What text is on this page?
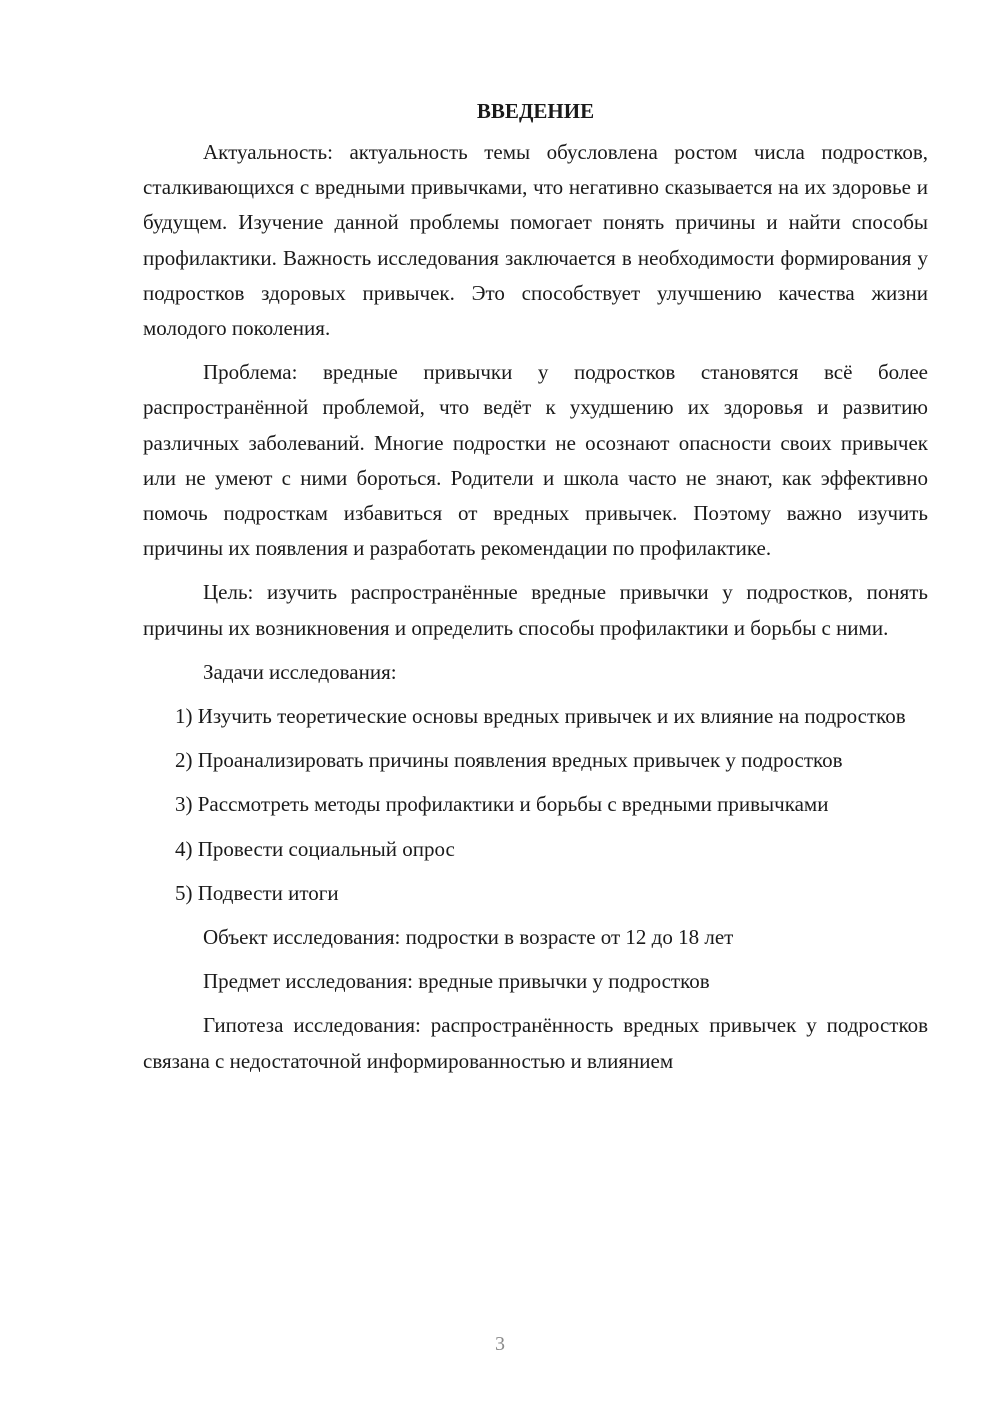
ВВЕДЕНИЕ

Актуальность: актуальность темы обусловлена ростом числа подростков, сталкивающихся с вредными привычками, что негативно сказывается на их здоровье и будущем. Изучение данной проблемы помогает понять причины и найти способы профилактики. Важность исследования заключается в необходимости формирования у подростков здоровых привычек. Это способствует улучшению качества жизни молодого поколения.

Проблема: вредные привычки у подростков становятся всё более распространённой проблемой, что ведёт к ухудшению их здоровья и развитию различных заболеваний. Многие подростки не осознают опасности своих привычек или не умеют с ними бороться. Родители и школа часто не знают, как эффективно помочь подросткам избавиться от вредных привычек. Поэтому важно изучить причины их появления и разработать рекомендации по профилактике.

Цель: изучить распространённые вредные привычки у подростков, понять причины их возникновения и определить способы профилактики и борьбы с ними.

Задачи исследования:

1) Изучить теоретические основы вредных привычек и их влияние на подростков

2) Проанализировать причины появления вредных привычек у подростков

3) Рассмотреть методы профилактики и борьбы с вредными привычками

4) Провести социальный опрос

5) Подвести итоги

Объект исследования: подростки в возрасте от 12 до 18 лет

Предмет исследования: вредные привычки у подростков

Гипотеза исследования: распространённость вредных привычек у подростков связана с недостаточной информированностью и влиянием

3
